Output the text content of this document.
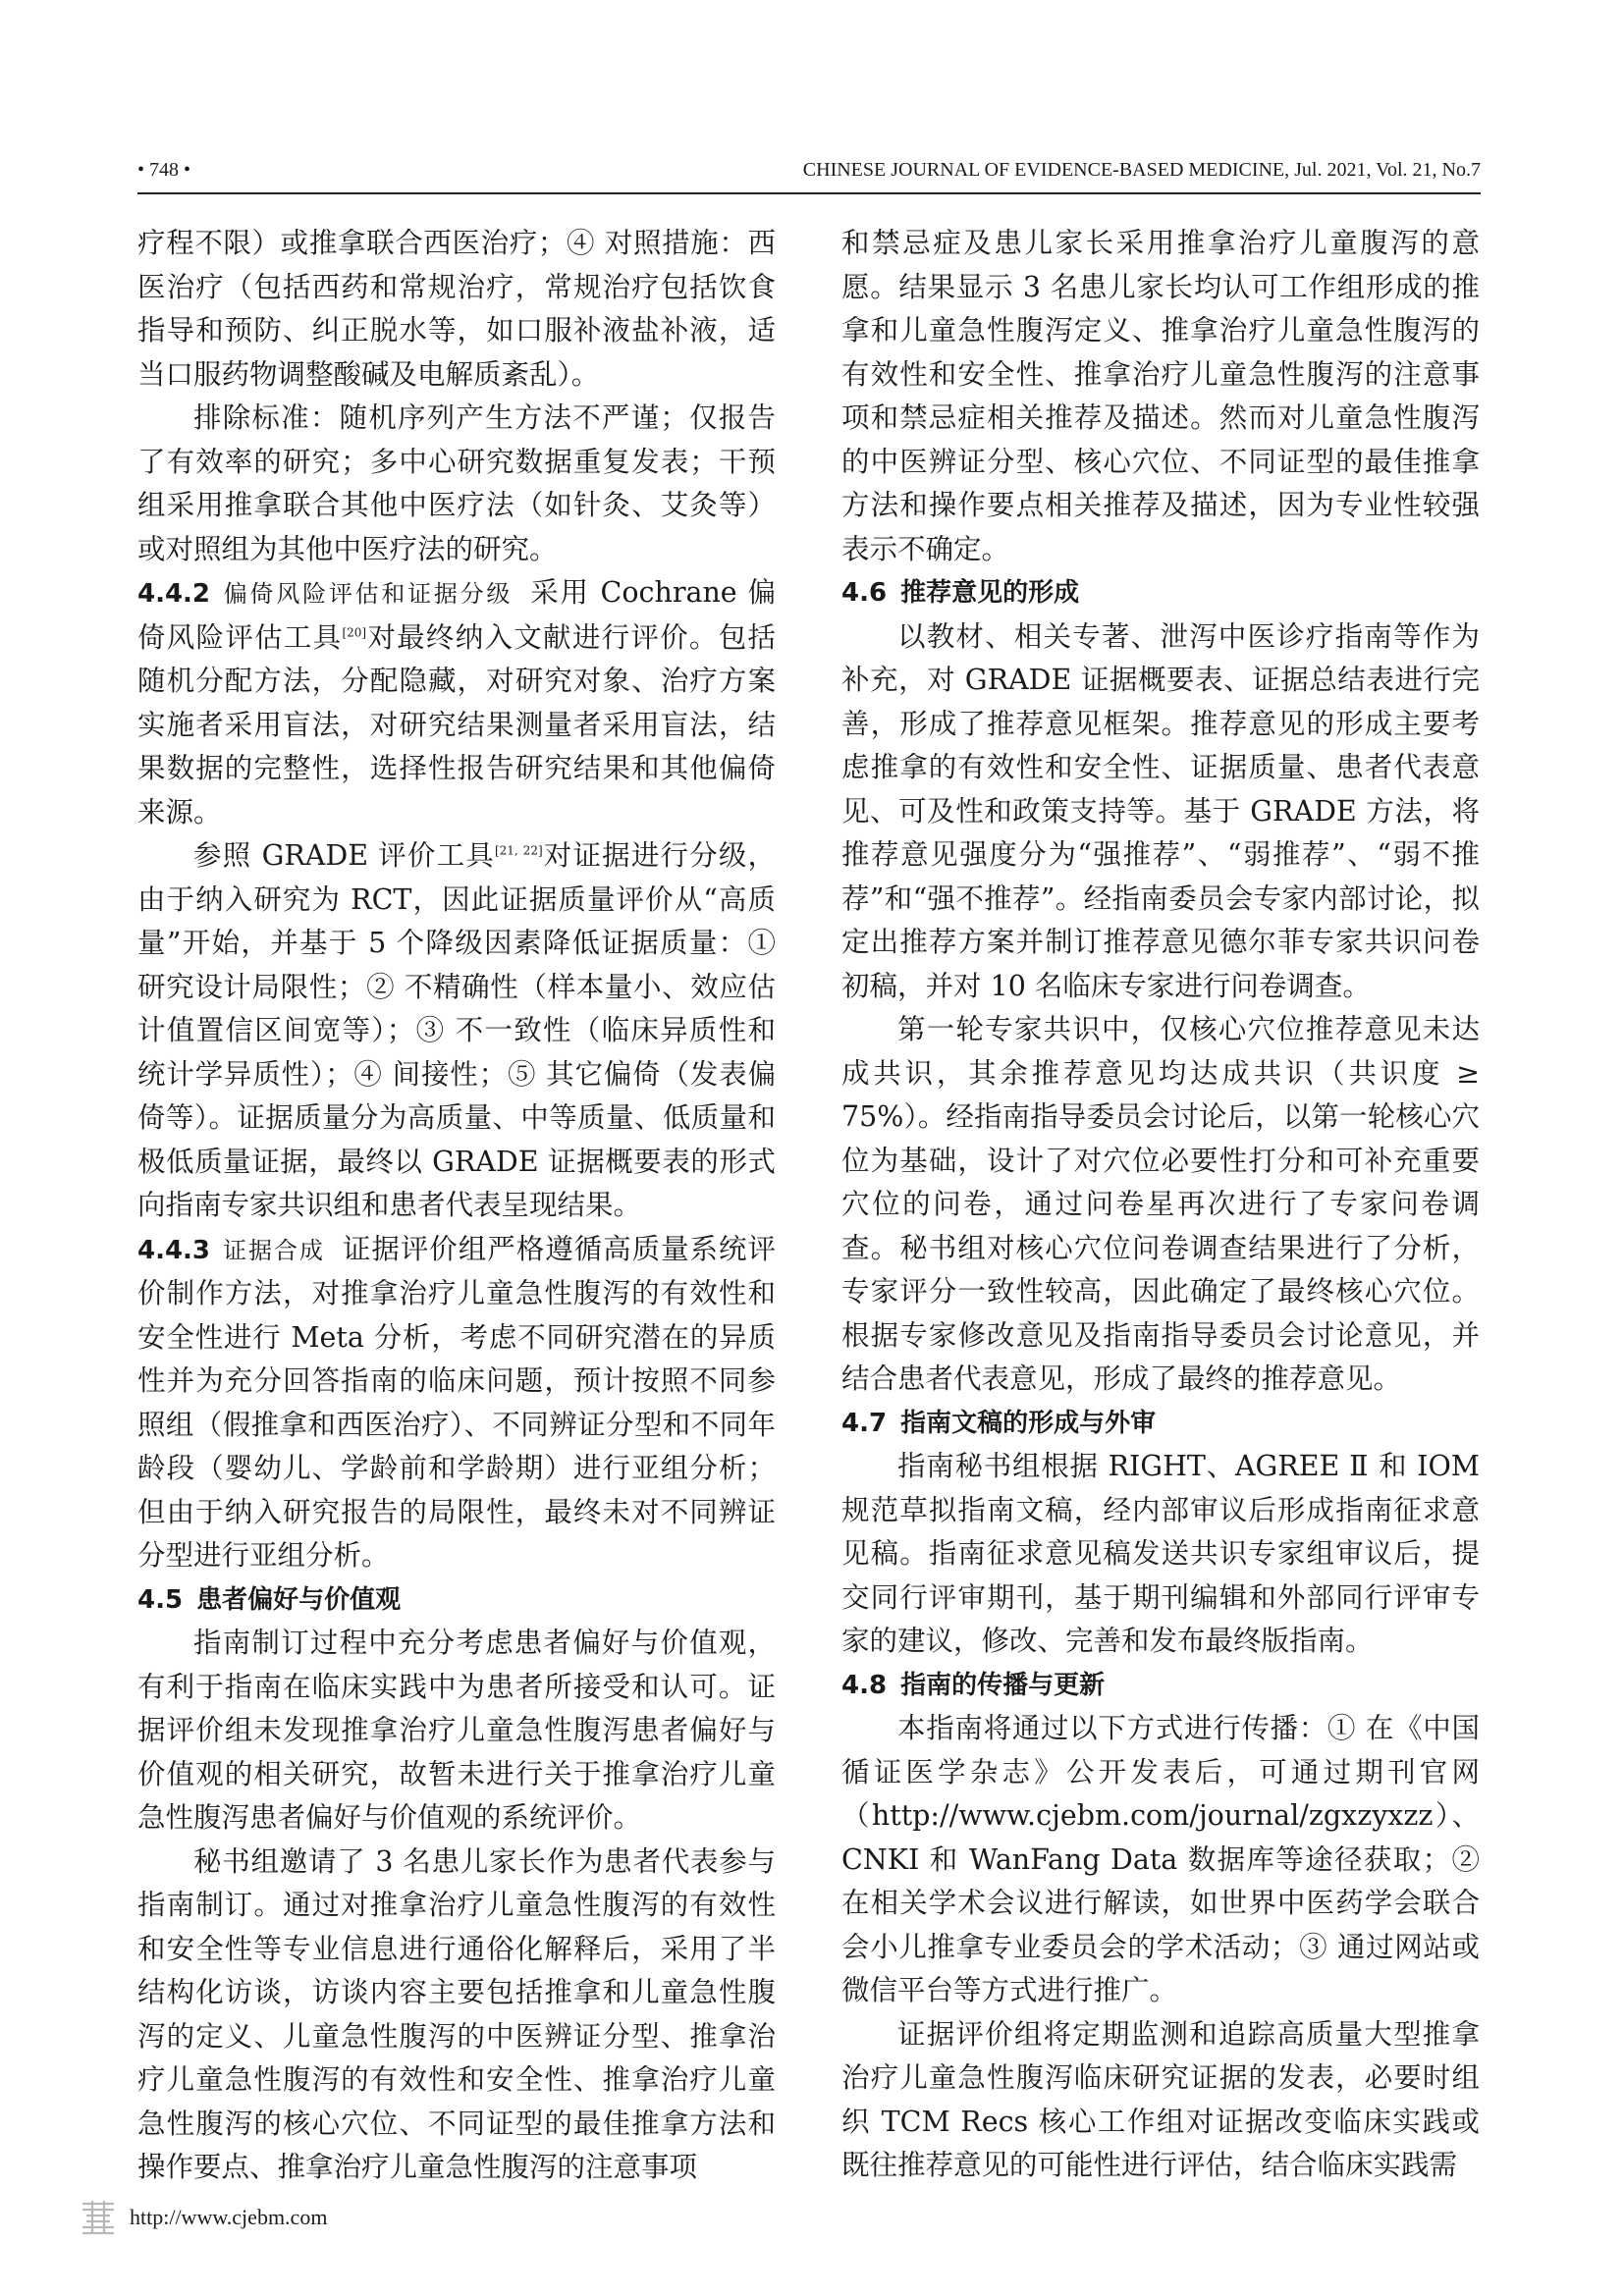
• 748 •	CHINESE JOURNAL OF EVIDENCE-BASED MEDICINE, Jul. 2021, Vol. 21, No.7

疗程不限）或推拿联合西医治疗；④ 对照措施：西医治疗（包括西药和常规治疗，常规治疗包括饮食指导和预防、纠正脱水等，如口服补液盐补液，适当口服药物调整酸碱及电解质紊乱）。

排除标准：随机序列产生方法不严谨；仅报告了有效率的研究；多中心研究数据重复发表；干预组采用推拿联合其他中医疗法（如针灸、艾灸等）或对照组为其他中医疗法的研究。

4.4.2 偏倚风险评估和证据分级 采用 Cochrane 偏倚风险评估工具[20]对最终纳入文献进行评价。包括随机分配方法，分配隐藏，对研究对象、治疗方案实施者采用盲法，对研究结果测量者采用盲法，结果数据的完整性，选择性报告研究结果和其他偏倚来源。

参照 GRADE 评价工具[21, 22]对证据进行分级，由于纳入研究为 RCT，因此证据质量评价从“高质量”开始，并基于 5 个降级因素降低证据质量：① 研究设计局限性；② 不精确性（样本量小、效应估计值置信区间宽等）；③ 不一致性（临床异质性和统计学异质性）；④ 间接性；⑤ 其它偏倚（发表偏倚等）。证据质量分为高质量、中等质量、低质量和极低质量证据，最终以 GRADE 证据概要表的形式向指南专家共识组和患者代表呈现结果。

4.4.3 证据合成 证据评价组严格遵循高质量系统评价制作方法，对推拿治疗儿童急性腹泻的有效性和安全性进行 Meta 分析，考虑不同研究潜在的异质性并为充分回答指南的临床问题，预计按照不同参照组（假推拿和西医治疗）、不同辨证分型和不同年龄段（婴幼儿、学龄前和学龄期）进行亚组分析；但由于纳入研究报告的局限性，最终未对不同辨证分型进行亚组分析。

4.5 患者偏好与价值观

指南制订过程中充分考虑患者偏好与价值观，有利于指南在临床实践中为患者所接受和认可。证据评价组未发现推拿治疗儿童急性腹泻患者偏好与价值观的相关研究，故暂未进行关于推拿治疗儿童急性腹泻患者偏好与价值观的系统评价。

秘书组邀请了 3 名患儿家长作为患者代表参与指南制订。通过对推拿治疗儿童急性腹泻的有效性和安全性等专业信息进行通俗化解释后，采用了半结构化访谈，访谈内容主要包括推拿和儿童急性腹泻的定义、儿童急性腹泻的中医辨证分型、推拿治疗儿童急性腹泻的有效性和安全性、推拿治疗儿童急性腹泻的核心穴位、不同证型的最佳推拿方法和操作要点、推拿治疗儿童急性腹泻的注意事项

和禁忌症及患儿家长采用推拿治疗儿童腹泻的意愿。结果显示 3 名患儿家长均认可工作组形成的推拿和儿童急性腹泻定义、推拿治疗儿童急性腹泻的有效性和安全性、推拿治疗儿童急性腹泻的注意事项和禁忌症相关推荐及描述。然而对儿童急性腹泻的中医辨证分型、核心穴位、不同证型的最佳推拿方法和操作要点相关推荐及描述，因为专业性较强表示不确定。

4.6 推荐意见的形成

以教材、相关专著、泄泻中医诊疗指南等作为补充，对 GRADE 证据概要表、证据总结表进行完善，形成了推荐意见框架。推荐意见的形成主要考虑推拿的有效性和安全性、证据质量、患者代表意见、可及性和政策支持等。基于 GRADE 方法，将推荐意见强度分为“强推荐”、“弱推荐”、“弱不推荐”和“强不推荐”。经指南委员会专家内部讨论，拟定出推荐方案并制订推荐意见德尔菲专家共识问卷初稿，并对 10 名临床专家进行问卷调查。

第一轮专家共识中，仅核心穴位推荐意见未达成共识，其余推荐意见均达成共识（共识度 ≥ 75%）。经指南指导委员会讨论后，以第一轮核心穴位为基础，设计了对穴位必要性打分和可补充重要穴位的问卷，通过问卷星再次进行了专家问卷调查。秘书组对核心穴位问卷调查结果进行了分析，专家评分一致性较高，因此确定了最终核心穴位。根据专家修改意见及指南指导委员会讨论意见，并结合患者代表意见，形成了最终的推荐意见。

4.7 指南文稿的形成与外审

指南秘书组根据 RIGHT、AGREE Ⅱ 和 IOM 规范草拟指南文稿，经内部审议后形成指南征求意见稿。指南征求意见稿发送共识专家组审议后，提交同行评审期刊，基于期刊编辑和外部同行评审专家的建议，修改、完善和发布最终版指南。

4.8 指南的传播与更新

本指南将通过以下方式进行传播：① 在《中国循证医学杂志》公开发表后，可通过期刊官网（http://www.cjebm.com/journal/zgxzyxzz）、CNKI 和 WanFang Data 数据库等途径获取；② 在相关学术会议进行解读，如世界中医药学会联合会小儿推拿专业委员会的学术活动；③ 通过网站或微信平台等方式进行推广。

证据评价组将定期监测和追踪高质量大型推拿治疗儿童急性腹泻临床研究证据的发表，必要时组织 TCM Recs 核心工作组对证据改变临床实践或既往推荐意见的可能性进行评估，结合临床实践需

http://www.cjebm.com
